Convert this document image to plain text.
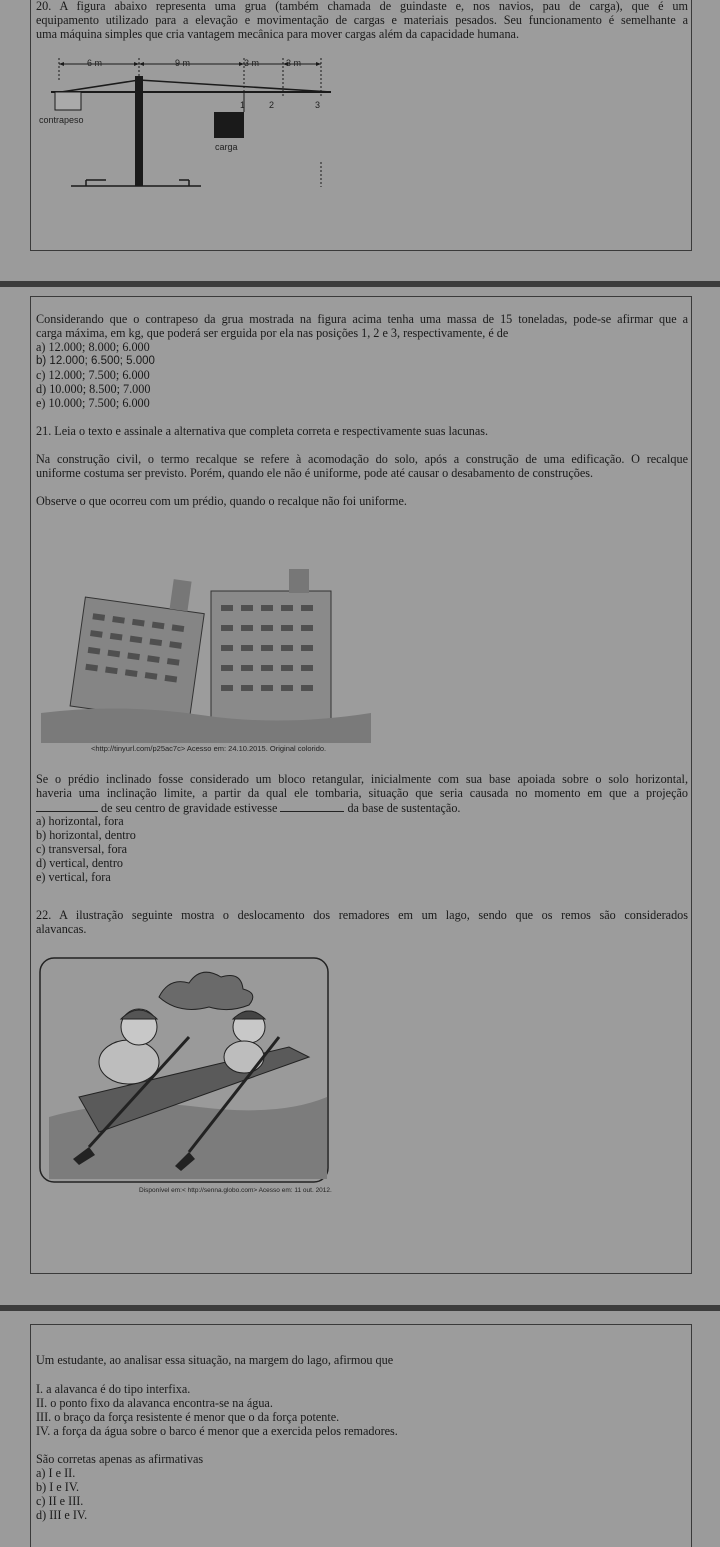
20. A figura abaixo representa uma grua (também chamada de guindaste e, nos navios, pau de carga), que é um
equipamento utilizado para a elevação e movimentação de cargas e materiais pesados. Seu funcionamento é semelhante a
uma máquina simples que cria vantagem mecânica para mover cargas além da capacidade humana.
6 m	9 m	3 m	3 m
1	2	3
contrapeso
carga
Considerando que o contrapeso da grua mostrada na figura acima tenha uma massa de 15 toneladas, pode-se afirmar que a
carga máxima, em kg, que poderá ser erguida por ela nas posições 1, 2 e 3, respectivamente, é de
a) 12.000; 8.000; 6.000
b) 12.000; 6.500; 5.000
c) 12.000; 7.500; 6.000
d) 10.000; 8.500; 7.000
e) 10.000; 7.500; 6.000
21. Leia o texto e assinale a alternativa que completa correta e respectivamente suas lacunas.
Na construção civil, o termo recalque se refere à acomodação do solo, após a construção de uma edificação. O recalque
uniforme costuma ser previsto. Porém, quando ele não é uniforme, pode até causar o desabamento de construções.
Observe o que ocorreu com um prédio, quando o recalque não foi uniforme.
<http://tinyurl.com/p25ac7c> Acesso em: 24.10.2015. Original colorido.
Se o prédio inclinado fosse considerado um bloco retangular, inicialmente com sua base apoiada sobre o solo horizontal,
haveria uma inclinação limite, a partir da qual ele tombaria, situação que seria causada no momento em que a projeção
de seu centro de gravidade estivesse	da base de sustentação.
a) horizontal, fora
b) horizontal, dentro
c) transversal, fora
d) vertical, dentro
e) vertical, fora
22. A ilustração seguinte mostra o deslocamento dos remadores em um lago, sendo que os remos são considerados
alavancas.
Disponível em:< http://senna.globo.com> Acesso em: 11 out. 2012.
Um estudante, ao analisar essa situação, na margem do lago, afirmou que
I. a alavanca é do tipo interfixa.
II. o ponto fixo da alavanca encontra-se na água.
III. o braço da força resistente é menor que o da força potente.
IV. a força da água sobre o barco é menor que a exercida pelos remadores.
São corretas apenas as afirmativas
a) I e II.
b) I e IV.
c) II e III.
d) III e IV.
